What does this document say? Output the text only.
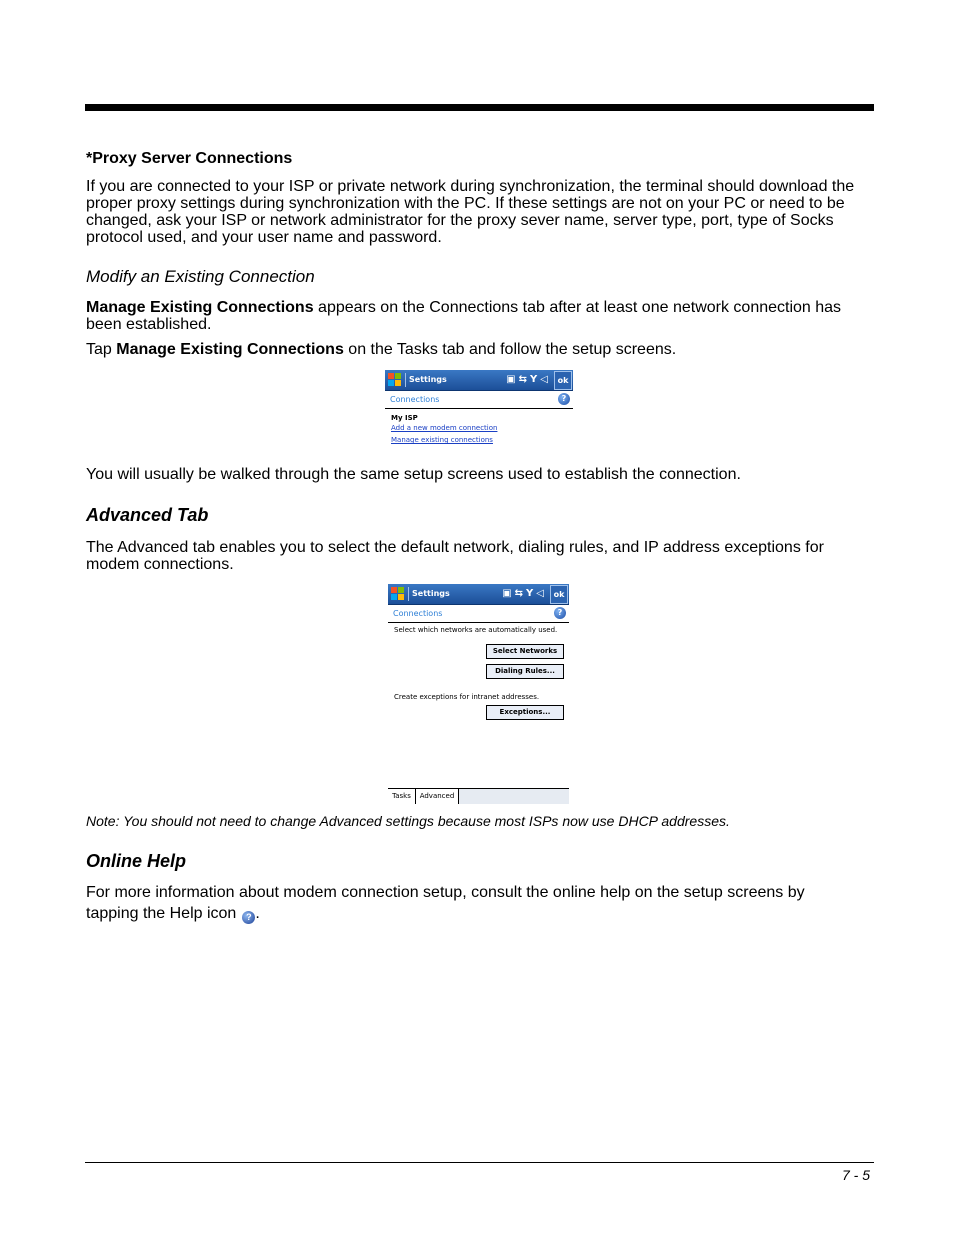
*Proxy Server Connections
If you are connected to your ISP or private network during synchronization, the terminal should download the proper proxy settings during synchronization with the PC. If these settings are not on your PC or need to be changed, ask your ISP or network administrator for the proxy sever name, server type, port, type of Socks protocol used, and your user name and password.
Modify an Existing Connection
Manage Existing Connections appears on the Connections tab after at least one network connection has been established.
Tap Manage Existing Connections on the Tasks tab and follow the setup screens.
Settings	▣⇆Y◁ ok
Connections	?
My ISP
Add a new modem connection
Manage existing connections
You will usually be walked through the same setup screens used to establish the connection.
Advanced Tab
The Advanced tab enables you to select the default network, dialing rules, and IP address exceptions for modem connections.
Settings	▣⇆Y◁ ok
Connections	?
Select which networks are automatically used.
Select Networks
Dialing Rules...
Create exceptions for intranet addresses.
Exceptions...
Tasks	Advanced
Note: You should not need to change Advanced settings because most ISPs now use DHCP addresses.
Online Help
For more information about modem connection setup, consult the online help on the setup screens by
tapping the Help icon ? .
7 - 5
